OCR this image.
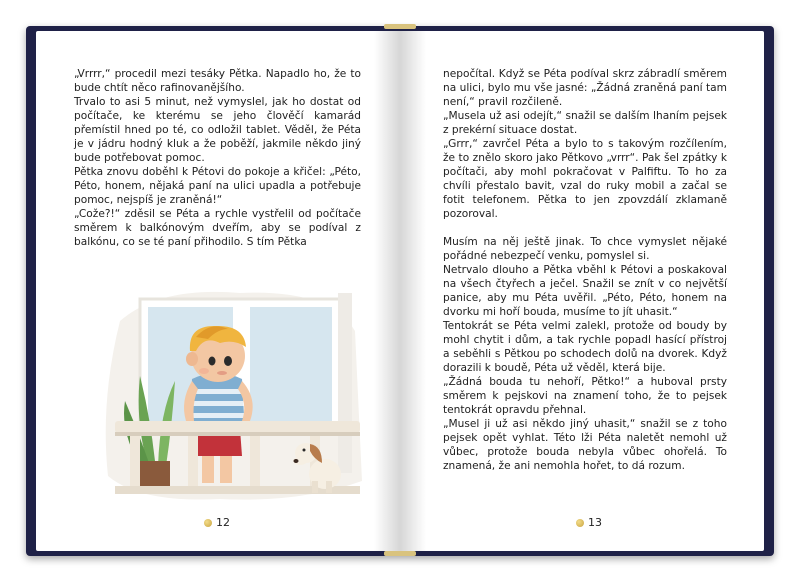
„Vrrrr,“ procedil mezi tesáky Pětka. Napadlo ho, že to bude chtít něco rafinovanějšího.

Trvalo to asi 5 minut, než vymyslel, jak ho dostat od počítače, ke kterému se jeho člověčí kamarád přemístil hned po té, co odložil tablet. Věděl, že Péta je v jádru hodný kluk a že poběží, jakmile někdo jiný bude potřebovat pomoc.

Pětka znovu doběhl k Pétovi do pokoje a křičel: „Péto, Péto, honem, nějaká paní na ulici upadla a potřebuje pomoc, nejspíš je zraněná!“

„Cože?!“ zděsil se Péta a rychle vystřelil od počítače směrem k balkónovým dveřím, aby se podíval z balkónu, co se té paní přihodilo. S tím Pětka

12

nepočítal. Když se Péta podíval skrz zábradlí směrem na ulici, bylo mu vše jasné: „Žádná zraněná paní tam není,“ pravil rozčileně.

„Musela už asi odejít,“ snažil se dalším lhaním pejsek z prekérní situace dostat.

„Grrr,“ zavrčel Péta a bylo to s takovým rozčílením, že to znělo skoro jako Pětkovo „vrrr“. Pak šel zpátky k počítači, aby mohl pokračovat v Palfiftu. To ho za chvíli přestalo bavit, vzal do ruky mobil a začal se fotit telefonem. Pětka to jen zpovzdálí zklamaně pozoroval.

Musím na něj ještě jinak. To chce vymyslet nějaké pořádné nebezpečí venku, pomyslel si.

Netrvalo dlouho a Pětka vběhl k Pétovi a poskakoval na všech čtyřech a ječel. Snažil se znít v co největší panice, aby mu Péta uvěřil. „Péto, Péto, honem na dvorku mi hoří bouda, musíme to jít uhasit.“

Tentokrát se Péta velmi zalekl, protože od boudy by mohl chytit i dům, a tak rychle popadl hasící přístroj a seběhli s Pětkou po schodech dolů na dvorek. Když dorazili k boudě, Péta už věděl, která bije.

„Žádná bouda tu nehoří, Pětko!“ a huboval prsty směrem k pejskovi na znamení toho, že to pejsek tentokrát opravdu přehnal.

„Musel ji už asi někdo jiný uhasit,“ snažil se z toho pejsek opět vyhlat. Této lži Péta naletět nemohl už vůbec, protože bouda nebyla vůbec ohořelá. To znamená, že ani nemohla hořet, to dá rozum.

13
